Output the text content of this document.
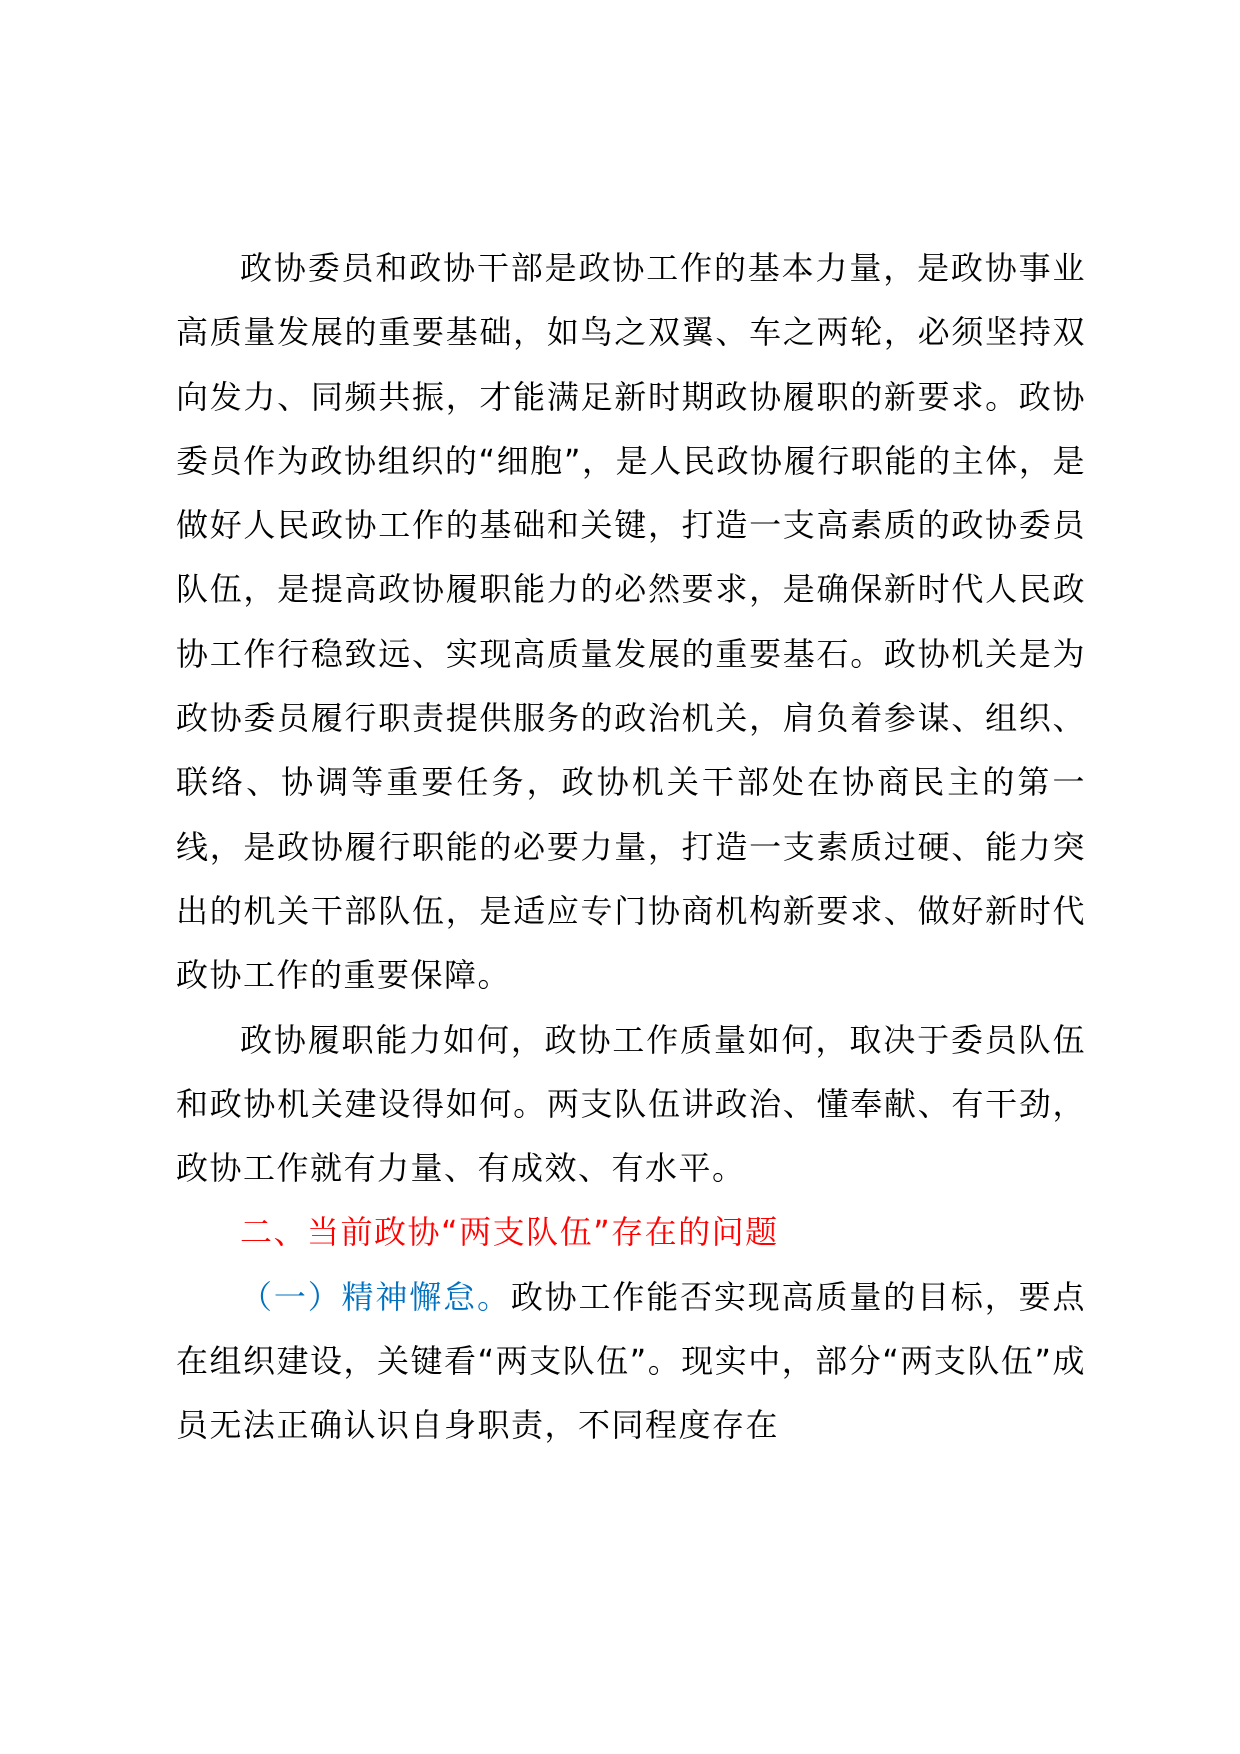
政协委员和政协干部是政协工作的基本力量，是政协事业高质量发展的重要基础，如鸟之双翼、车之两轮，必须坚持双向发力、同频共振，才能满足新时期政协履职的新要求。政协委员作为政协组织的“细胞”，是人民政协履行职能的主体，是做好人民政协工作的基础和关键，打造一支高素质的政协委员队伍，是提高政协履职能力的必然要求，是确保新时代人民政协工作行稳致远、实现高质量发展的重要基石。政协机关是为政协委员履行职责提供服务的政治机关，肩负着参谋、组织、联络、协调等重要任务，政协机关干部处在协商民主的第一线，是政协履行职能的必要力量，打造一支素质过硬、能力突出的机关干部队伍，是适应专门协商机构新要求、做好新时代政协工作的重要保障。

政协履职能力如何，政协工作质量如何，取决于委员队伍和政协机关建设得如何。两支队伍讲政治、懂奉献、有干劲，政协工作就有力量、有成效、有水平。

二、当前政协“两支队伍”存在的问题

（一）精神懈怠。政协工作能否实现高质量的目标，要点在组织建设，关键看“两支队伍”。现实中，部分“两支队伍”成员无法正确认识自身职责，不同程度存在
